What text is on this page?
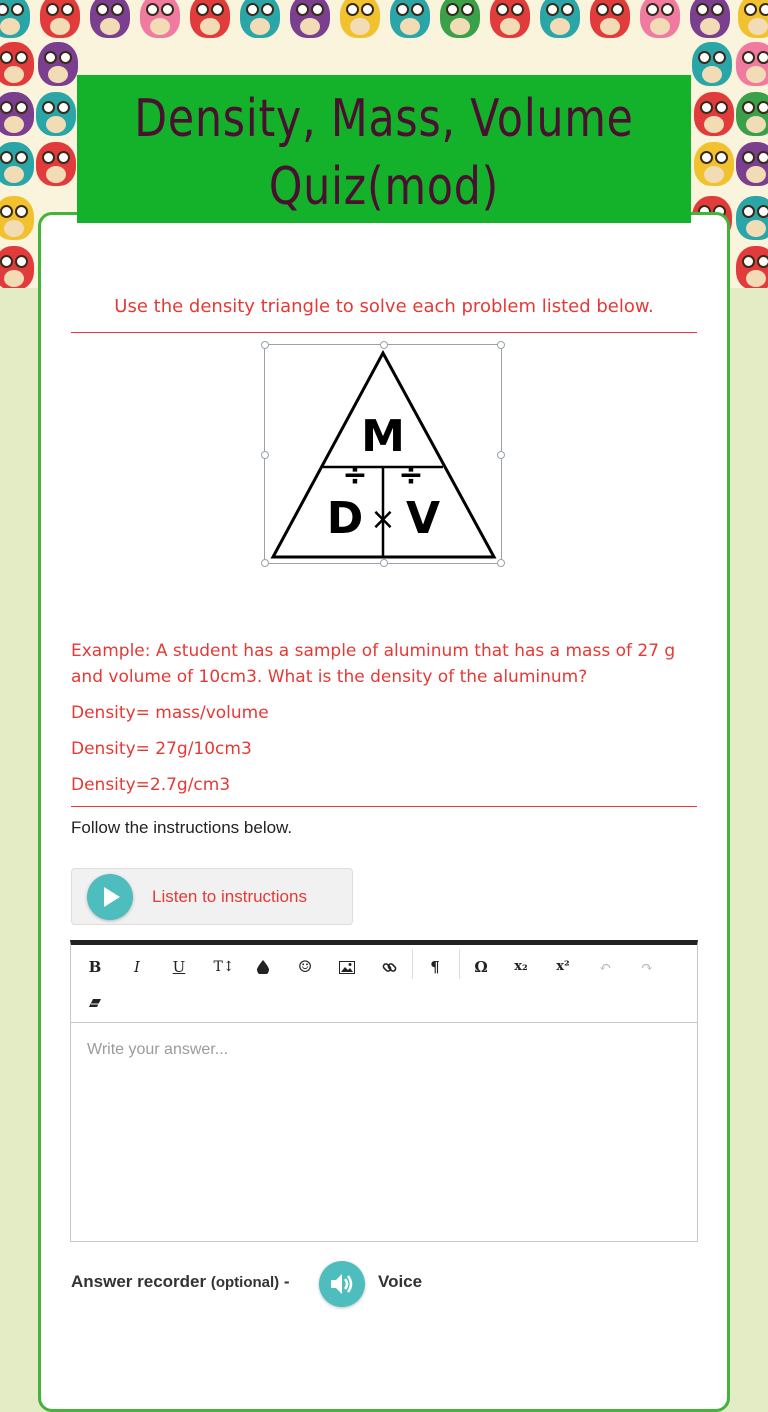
Density, Mass, Volume
Quiz(mod)
Use the density triangle to solve each problem listed below.
M
÷ ÷
D × V
Example: A student has a sample of aluminum that has a mass of 27 g
and volume of 10cm3. What is the density of the aluminum?
Density= mass/volume
Density= 27g/10cm3
Density=2.7g/cm3
Follow the instructions below.
Listen to instructions
B	I	U	T↕	☺	¶	Ω	x₂	x²	↶	↷
Write your answer...
Answer recorder (optional) -	Voice
